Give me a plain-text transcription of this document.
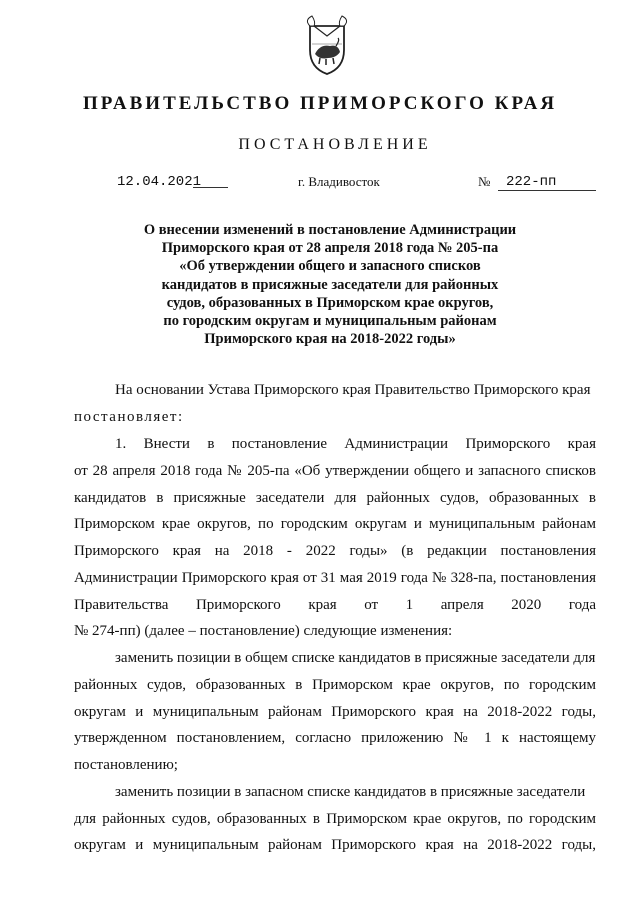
ПРАВИТЕЛЬСТВО ПРИМОРСКОГО КРАЯ
ПОСТАНОВЛЕНИЕ
12.04.2021	г. Владивосток	№ 222-пп
О внесении изменений в постановление Администрации
Приморского края от 28 апреля 2018 года № 205-па
«Об утверждении общего и запасного списков
кандидатов в присяжные заседатели для районных
судов, образованных в Приморском крае округов,
по городским округам и муниципальным районам
Приморского края на 2018-2022 годы»
На основании Устава Приморского края Правительство Приморского края
постановляет:
1. Внести в постановление Администрации Приморского края
от 28 апреля 2018 года № 205-па «Об утверждении общего и запасного списков
кандидатов в присяжные заседатели для районных судов, образованных в
Приморском крае округов, по городским округам и муниципальным районам
Приморского края на 2018 - 2022 годы» (в редакции постановления
Администрации Приморского края от 31 мая 2019 года № 328-па, постановления
Правительства Приморского края от 1 апреля 2020 года
№ 274-пп) (далее – постановление) следующие изменения:
заменить позиции в общем списке кандидатов в присяжные заседатели для
районных судов, образованных в Приморском крае округов, по городским
округам и муниципальным районам Приморского края на 2018-2022 годы,
утвержденном постановлением, согласно приложению № 1 к настоящему
постановлению;
заменить позиции в запасном списке кандидатов в присяжные заседатели
для районных судов, образованных в Приморском крае округов, по городским
округам и муниципальным районам Приморского края на 2018-2022 годы,
